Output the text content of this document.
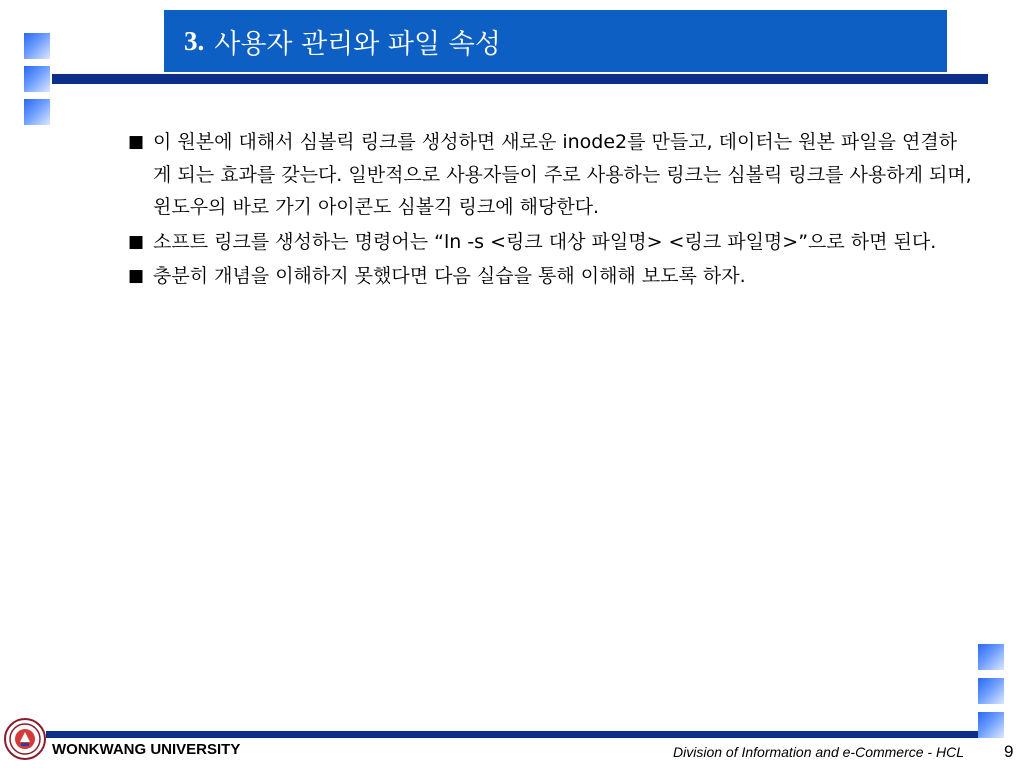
3. 사용자 관리와 파일 속성
■ 이 원본에 대해서 심볼릭 링크를 생성하면 새로운 inode2를 만들고, 데이터는 원본 파일을 연결하게 되는 효과를 갖는다. 일반적으로 사용자들이 주로 사용하는 링크는 심볼릭 링크를 사용하게 되며, 윈도우의 바로 가기 아이콘도 심볼긱 링크에 해당한다.
■ 소프트 링크를 생성하는 명령어는 “ln -s <링크 대상 파일명> <링크 파일명>”으로 하면 된다.
■ 충분히 개념을 이해하지 못했다면 다음 실습을 통해 이해해 보도록 하자.
WONKWANG UNIVERSITY	Division of Information and e-Commerce - HCL 9
